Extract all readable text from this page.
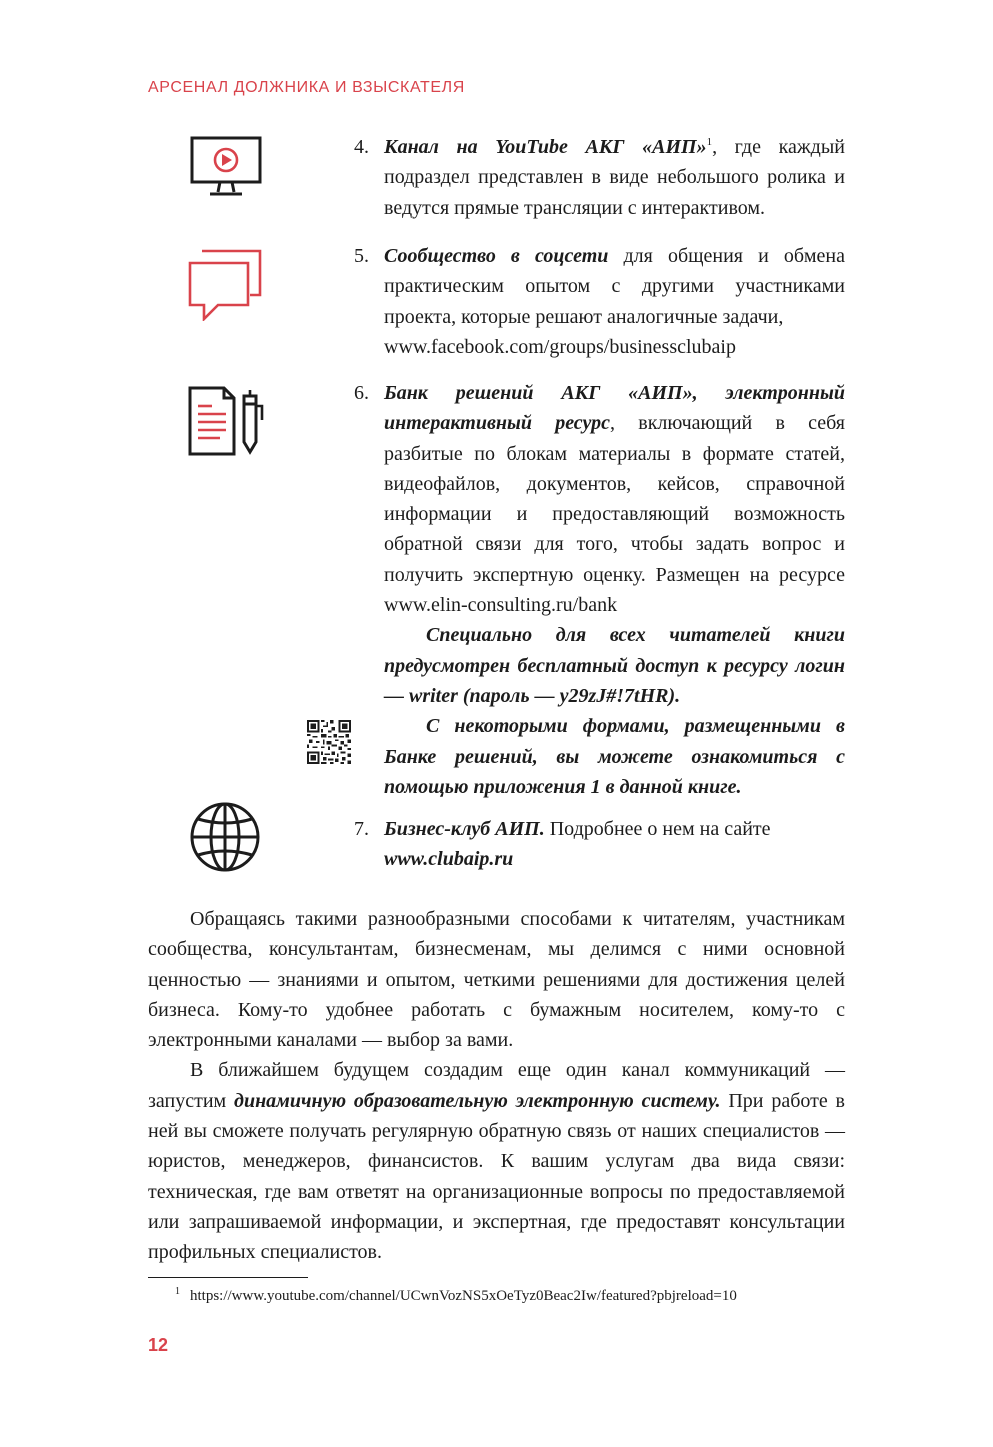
АРСЕНАЛ ДОЛЖНИКА И ВЗЫСКАТЕЛЯ
4. Канал на YouTube АКГ «АИП»$^1$, где каждый подраздел представлен в виде небольшого ролика и ведутся прямые трансляции с интерактивом.
5. Сообщество в соцсети для общения и обмена практическим опытом с другими участниками проекта, которые решают аналогичные задачи,
www.facebook.com/groups/businessclubaip
6. Банк решений АКГ «АИП», электронный интерактивный ресурс, включающий в себя разбитые по блокам материалы в формате статей, видеофайлов, документов, кейсов, справочной информации и предоставляющий возможность обратной связи для того, чтобы задать вопрос и получить экспертную оценку. Размещен на ресурсе www.elin-consulting.ru/bank

Специально для всех читателей книги предусмотрен бесплатный доступ к ресурсу логин — writer (пароль — y29zJ#!7tHR).

С некоторыми формами, размещенными в Банке решений, вы можете ознакомиться с помощью приложения 1 в данной книге.

7. Бизнес-клуб АИП. Подробнее о нем на сайте
www.clubaip.ru

Обращаясь такими разнообразными способами к читателям, участникам сообщества, консультантам, бизнесменам, мы делимся с ними основной ценностью — знаниями и опытом, четкими решениями для достижения целей бизнеса. Кому-то удобнее работать с бумажным носителем, кому-то с электронными каналами — выбор за вами.

В ближайшем будущем создадим еще один канал коммуникаций — запустим динамичную образовательную электронную систему. При работе в ней вы сможете получать регулярную обратную связь от наших специалистов — юристов, менеджеров, финансистов. К вашим услугам два вида связи: техническая, где вам ответят на организационные вопросы по предоставляемой или запрашиваемой информации, и экспертная, где предоставят консультации профильных специалистов.

$^1$ https://www.youtube.com/channel/UCwnVozNS5xOeTyz0Beac2Iw/featured?pbjreload=10
12
